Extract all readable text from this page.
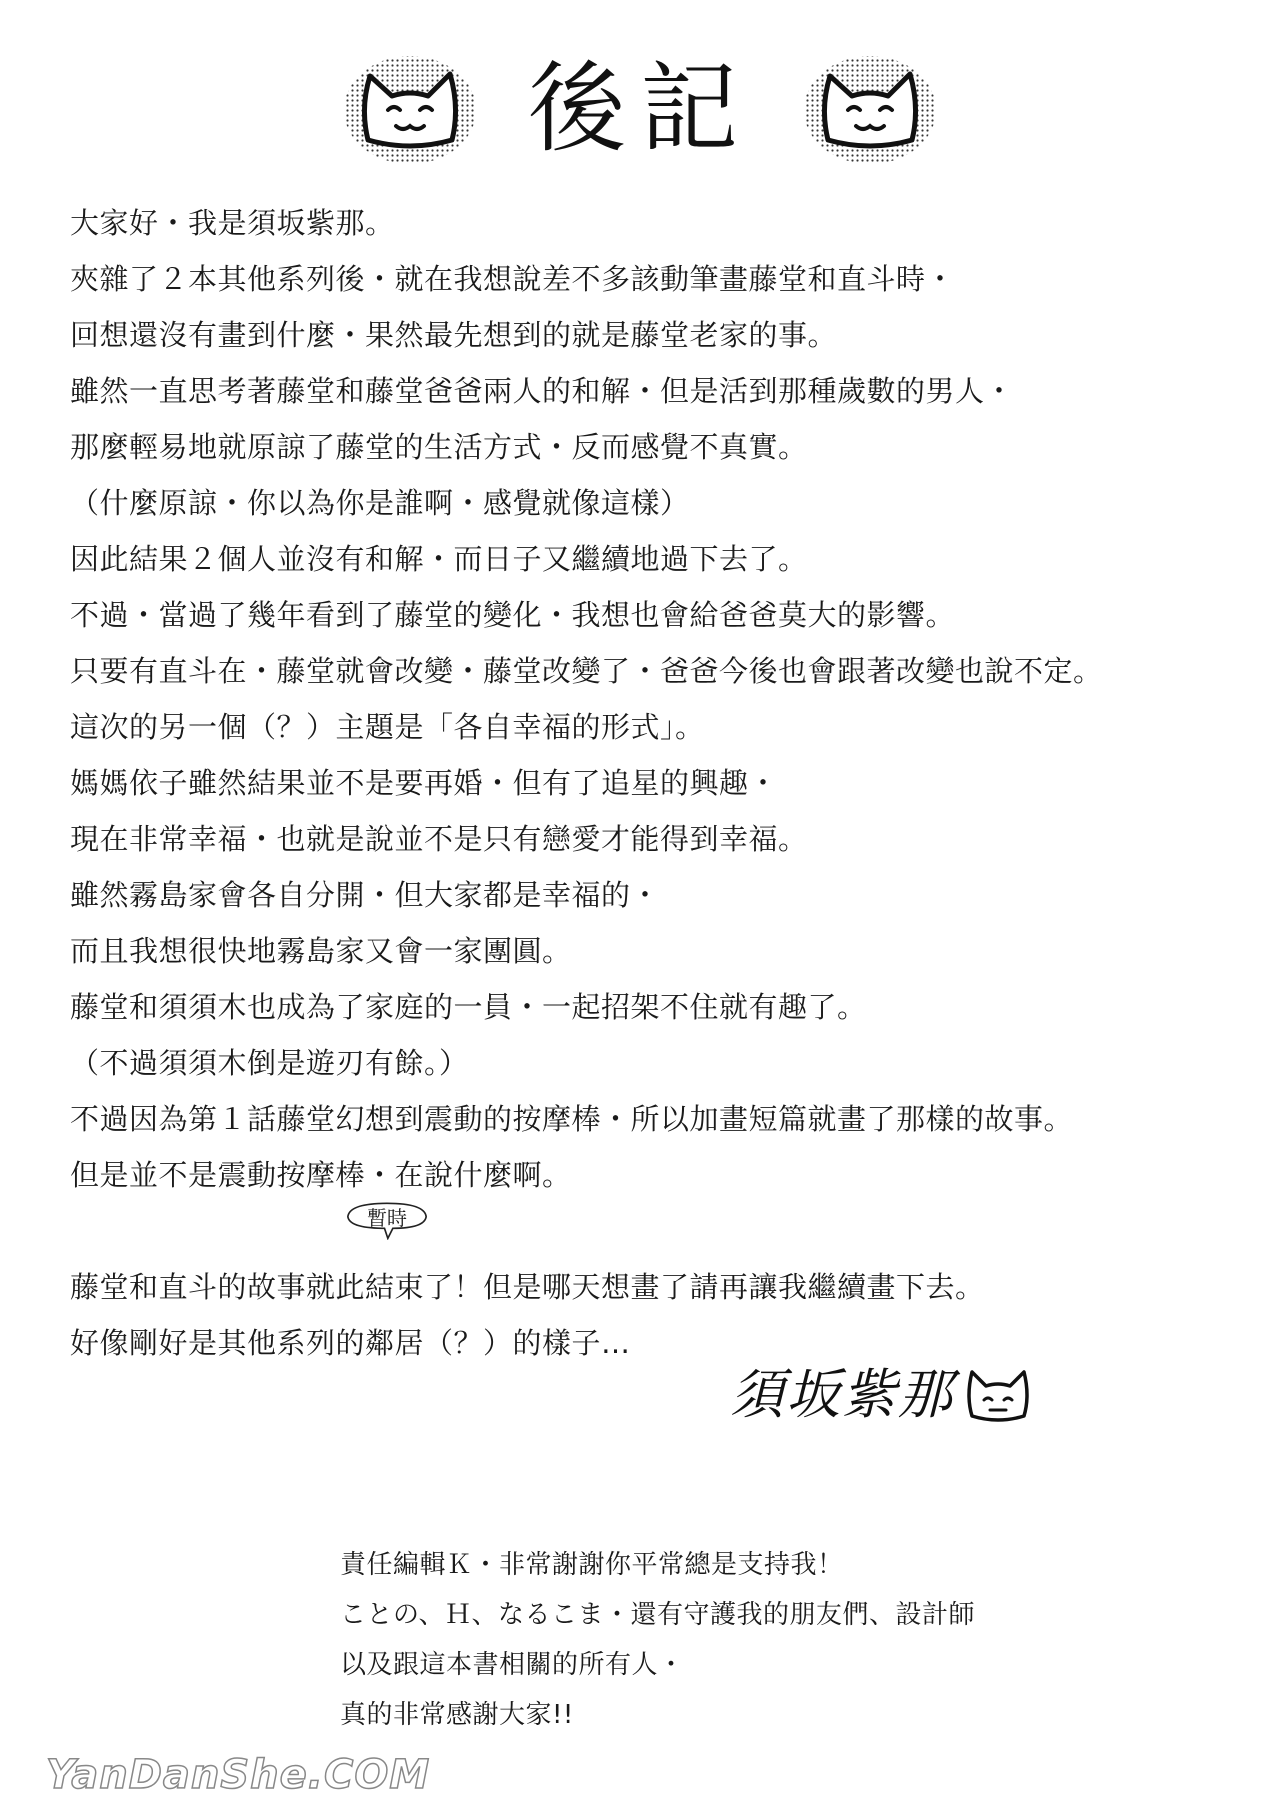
後記
大家好・我是須坂紫那。
夾雜了２本其他系列後・就在我想說差不多該動筆畫藤堂和直斗時・
回想還沒有畫到什麼・果然最先想到的就是藤堂老家的事。
雖然一直思考著藤堂和藤堂爸爸兩人的和解・但是活到那種歲數的男人・
那麼輕易地就原諒了藤堂的生活方式・反而感覺不真實。
（什麼原諒・你以為你是誰啊・感覺就像這樣）
因此結果２個人並沒有和解・而日子又繼續地過下去了。
不過・當過了幾年看到了藤堂的變化・我想也會給爸爸莫大的影響。
只要有直斗在・藤堂就會改變・藤堂改變了・爸爸今後也會跟著改變也說不定。
這次的另一個（？）主題是「各自幸福的形式」。
媽媽依子雖然結果並不是要再婚・但有了追星的興趣・
現在非常幸福・也就是說並不是只有戀愛才能得到幸福。
雖然霧島家會各自分開・但大家都是幸福的・
而且我想很快地霧島家又會一家團圓。
藤堂和須須木也成為了家庭的一員・一起招架不住就有趣了。
（不過須須木倒是遊刃有餘。）
不過因為第１話藤堂幻想到震動的按摩棒・所以加畫短篇就畫了那樣的故事。
但是並不是震動按摩棒・在說什麼啊。
藤堂和直斗的故事就此結束了！但是哪天想畫了請再讓我繼續畫下去。
好像剛好是其他系列的鄰居（？）的樣子…
暫時
須坂紫那
責任編輯Ｋ・非常謝謝你平常總是支持我！
ことの、Ｈ、なるこま・還有守護我的朋友們、設計師
以及跟這本書相關的所有人・
真的非常感謝大家!!
YanDanShe.COM
